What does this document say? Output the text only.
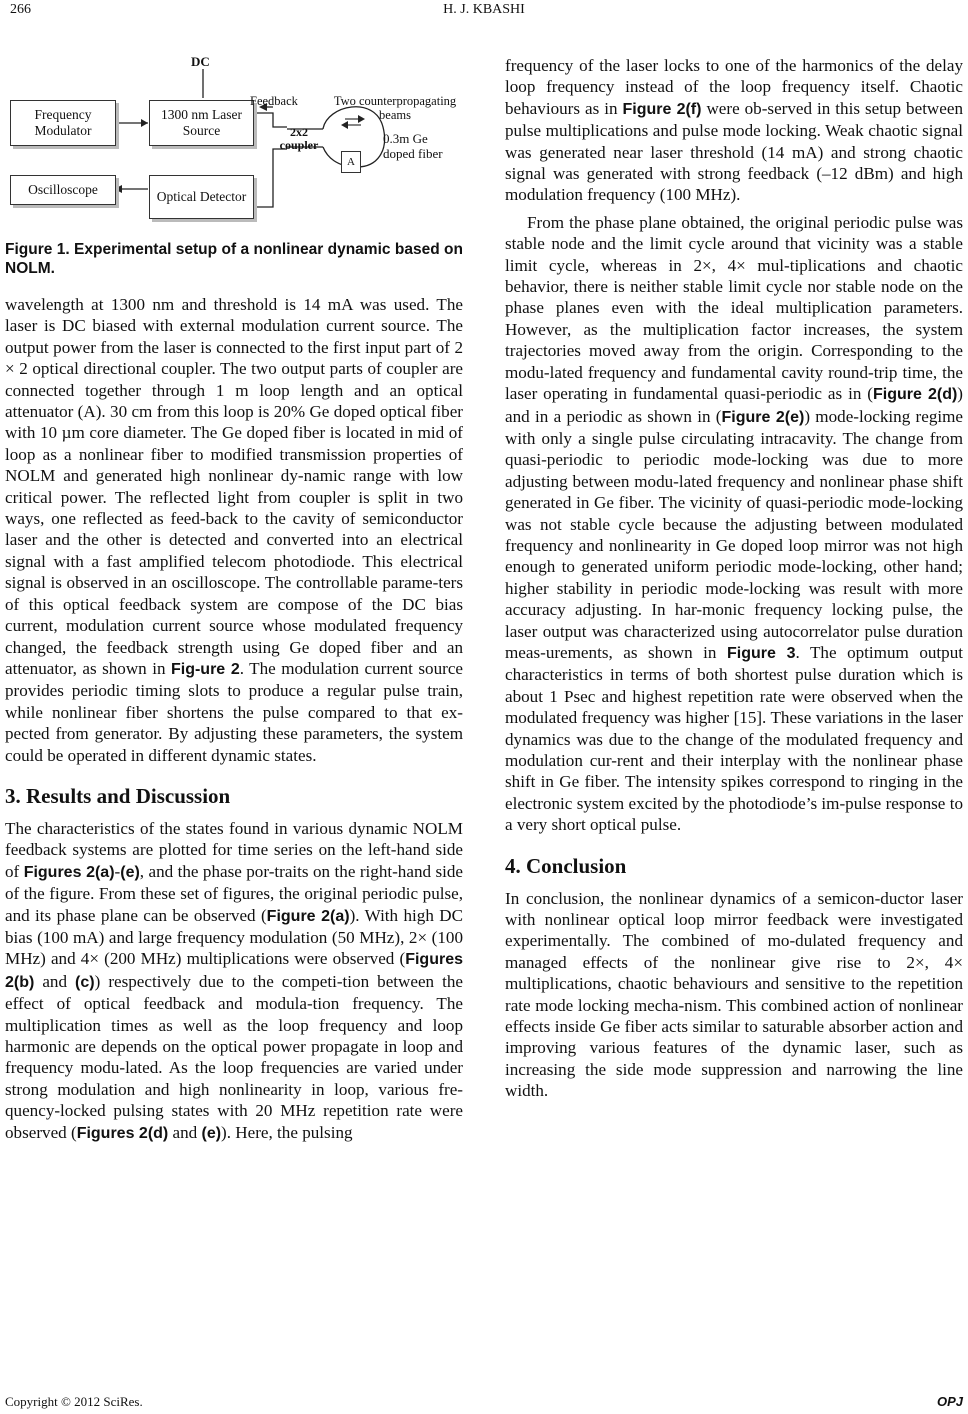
266	H. J. KBASHI
DC
Frequency Modulator
1300 nm Laser Source
Oscilloscope	Optical Detector
Feedback	Two counterpropagating beams
2x2 coupler
A
0.3m Ge doped fiber

Figure 1. Experimental setup of a nonlinear dynamic based on NOLM.

wavelength at 1300 nm and threshold is 14 mA was used. The laser is DC biased with external modulation current source. The output power from the laser is connected to the first input part of 2 × 2 optical directional coupler. The two output parts of coupler are connected together through 1 m loop length and an optical attenuator (A). 30 cm from this loop is 20% Ge doped optical fiber with 10 µm core diameter. The Ge doped fiber is located in mid of loop as a nonlinear fiber to modified transmission properties of NOLM and generated high nonlinear dy-namic range with low critical power. The reflected light from coupler is split in two ways, one reflected as feed-back to the cavity of semiconductor laser and the other is detected and converted into an electrical signal with a fast amplified telecom photodiode. This electrical signal is observed in an oscilloscope. The controllable parame-ters of this optical feedback system are compose of the DC bias current, modulation current source whose modulated frequency changed, the feedback strength using Ge doped fiber and an attenuator, as shown in Fig-ure 2. The modulation current source provides periodic timing slots to produce a regular pulse train, while nonlinear fiber shortens the pulse compared to that ex-pected from generator. By adjusting these parameters, the system could be operated in different dynamic states.

3. Results and Discussion

The characteristics of the states found in various dynamic NOLM feedback systems are plotted for time series on the left-hand side of Figures 2(a)-(e), and the phase por-traits on the right-hand side of the figure. From these set of figures, the original periodic pulse, and its phase plane can be observed (Figure 2(a)). With high DC bias (100 mA) and large frequency modulation (50 MHz), 2× (100 MHz) and 4× (200 MHz) multiplications were observed (Figures 2(b) and (c)) respectively due to the competi-tion between the effect of optical feedback and modula-tion frequency. The multiplication times as well as the loop frequency and loop harmonic are depends on the optical power propagate in loop and frequency modu-lated. As the loop frequencies are varied under strong modulation and high nonlinearity in loop, various fre-quency-locked pulsing states with 20 MHz repetition rate were observed (Figures 2(d) and (e)). Here, the pulsing

frequency of the laser locks to one of the harmonics of the delay loop frequency instead of the loop frequency itself. Chaotic behaviours as in Figure 2(f) were ob-served in this setup between pulse multiplications and pulse mode locking. Weak chaotic signal was generated near laser threshold (14 mA) and strong chaotic signal was generated with strong feedback (–12 dBm) and high modulation frequency (100 MHz).

From the phase plane obtained, the original periodic pulse was stable node and the limit cycle around that vicinity was a stable limit cycle, whereas in 2×, 4× mul-tiplications and chaotic behavior, there is neither stable limit cycle nor stable node on the phase planes even with the ideal multiplication parameters. However, as the multiplication factor increases, the system trajectories moved away from the origin. Corresponding to the modu-lated frequency and fundamental cavity round-trip time, the laser operating in fundamental quasi-periodic as in (Figure 2(d)) and in a periodic as shown in (Figure 2(e)) mode-locking regime with only a single pulse circulating intracavity. The change from quasi-periodic to periodic mode-locking was due to more adjusting between modu-lated frequency and nonlinear phase shift generated in Ge fiber. The vicinity of quasi-periodic mode-locking was not stable cycle because the adjusting between modulated frequency and nonlinearity in Ge doped loop mirror was not high enough to generated uniform periodic mode-locking, other hand; higher stability in periodic mode-locking was result with more accuracy adjusting. In har-monic frequency locking pulse, the laser output was characterized using autocorrelator pulse duration meas-urements, as shown in Figure 3. The optimum output characteristics in terms of both shortest pulse duration which is about 1 Psec and highest repetition rate were observed when the modulated frequency was higher [15]. These variations in the laser dynamics was due to the change of the modulated frequency and modulation cur-rent and their interplay with the nonlinear phase shift in Ge fiber. The intensity spikes correspond to ringing in the electronic system excited by the photodiode’s im-pulse response to a very short optical pulse.

4. Conclusion

In conclusion, the nonlinear dynamics of a semicon-ductor laser with nonlinear optical loop mirror feedback were investigated experimentally. The combined of mo-dulated frequency and managed effects of the nonlinear give rise to 2×, 4× multiplications, chaotic behaviours and sensitive to the repetition rate mode locking mecha-nism. This combined action of nonlinear effects inside Ge fiber acts similar to saturable absorber action and improving various features of the dynamic laser, such as increasing the side mode suppression and narrowing the line width.

Copyright © 2012 SciRes.	OPJ
